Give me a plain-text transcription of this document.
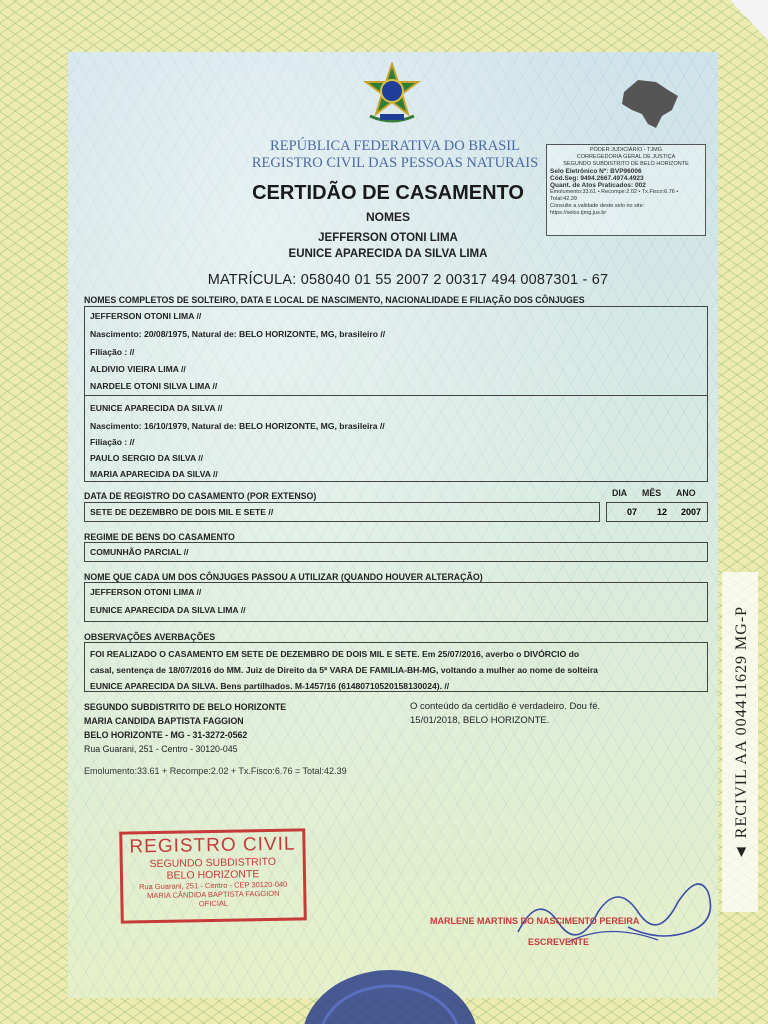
REPÚBLICA FEDERATIVA DO BRASIL
REGISTRO CIVIL DAS PESSOAS NATURAIS
PODER JUDICIÁRIO - TJMG
CORREGEDORIA GERAL DE JUSTIÇA
SEGUNDO SUBDISTRITO DE BELO HORIZONTE
Selo Eletrônico Nº: BVP96006
Cód.Seg: 9494.2667.4974.4923
Quant. de Atos Praticados: 002
Emolumento:33.61 • Recompe:2.02 • Tx.Fisco:6.76 • Total:42.39
Consulte a validade deste selo no site:
https://selos.tjmg.jus.br
CERTIDÃO DE CASAMENTO
NOMES
JEFFERSON OTONI LIMA
EUNICE APARECIDA DA SILVA LIMA
MATRÍCULA: 058040 01 55 2007 2 00317 494 0087301 - 67
NOMES COMPLETOS DE SOLTEIRO, DATA E LOCAL DE NASCIMENTO, NACIONALIDADE E FILIAÇÃO DOS CÔNJUGES
JEFFERSON OTONI LIMA //
Nascimento: 20/08/1975, Natural de: BELO HORIZONTE, MG, brasileiro //
Filiação : //
ALDIVIO VIEIRA LIMA //
NARDELE OTONI SILVA LIMA //
EUNICE APARECIDA DA SILVA //
Nascimento: 16/10/1979, Natural de: BELO HORIZONTE, MG, brasileira //
Filiação : //
PAULO SERGIO DA SILVA //
MARIA APARECIDA DA SILVA //
DATA DE REGISTRO DO CASAMENTO (POR EXTENSO)	DIA MÊS ANO
SETE DE DEZEMBRO DE DOIS MIL E SETE //	07 12 2007
REGIME DE BENS DO CASAMENTO
COMUNHÃO PARCIAL //
NOME QUE CADA UM DOS CÔNJUGES PASSOU A UTILIZAR (QUANDO HOUVER ALTERAÇÃO)
JEFFERSON OTONI LIMA //
EUNICE APARECIDA DA SILVA LIMA //
OBSERVAÇÕES AVERBAÇÕES
FOI REALIZADO O CASAMENTO EM SETE DE DEZEMBRO DE DOIS MIL E SETE. Em 25/07/2016, averbo o DIVÓRCIO do
casal, sentença de 18/07/2016 do MM. Juiz de Direito da 5ª VARA DE FAMILIA-BH-MG, voltando a mulher ao nome de solteira
EUNICE APARECIDA DA SILVA. Bens partilhados. M-1457/16 (61480710520158130024). //
SEGUNDO SUBDISTRITO DE BELO HORIZONTE
MARIA CANDIDA BAPTISTA FAGGION
BELO HORIZONTE - MG - 31-3272-0562
Rua Guarani, 251 - Centro - 30120-045
O conteúdo da certidão é verdadeiro. Dou fé.
15/01/2018, BELO HORIZONTE.
Emolumento:33.61 + Recompe:2.02 + Tx.Fisco:6.76 = Total:42.39
REGISTRO CIVIL
SEGUNDO SUBDISTRITO
BELO HORIZONTE
Rua Guarani, 251 - Centro - CEP 30120-040
MARIA CÂNDIDA BAPTISTA FAGGION
OFICIAL
MARLENE MARTINS DO NASCIMENTO PEREIRA
ESCREVENTE
◄ RECIVIL AA 004411629 MG-P
